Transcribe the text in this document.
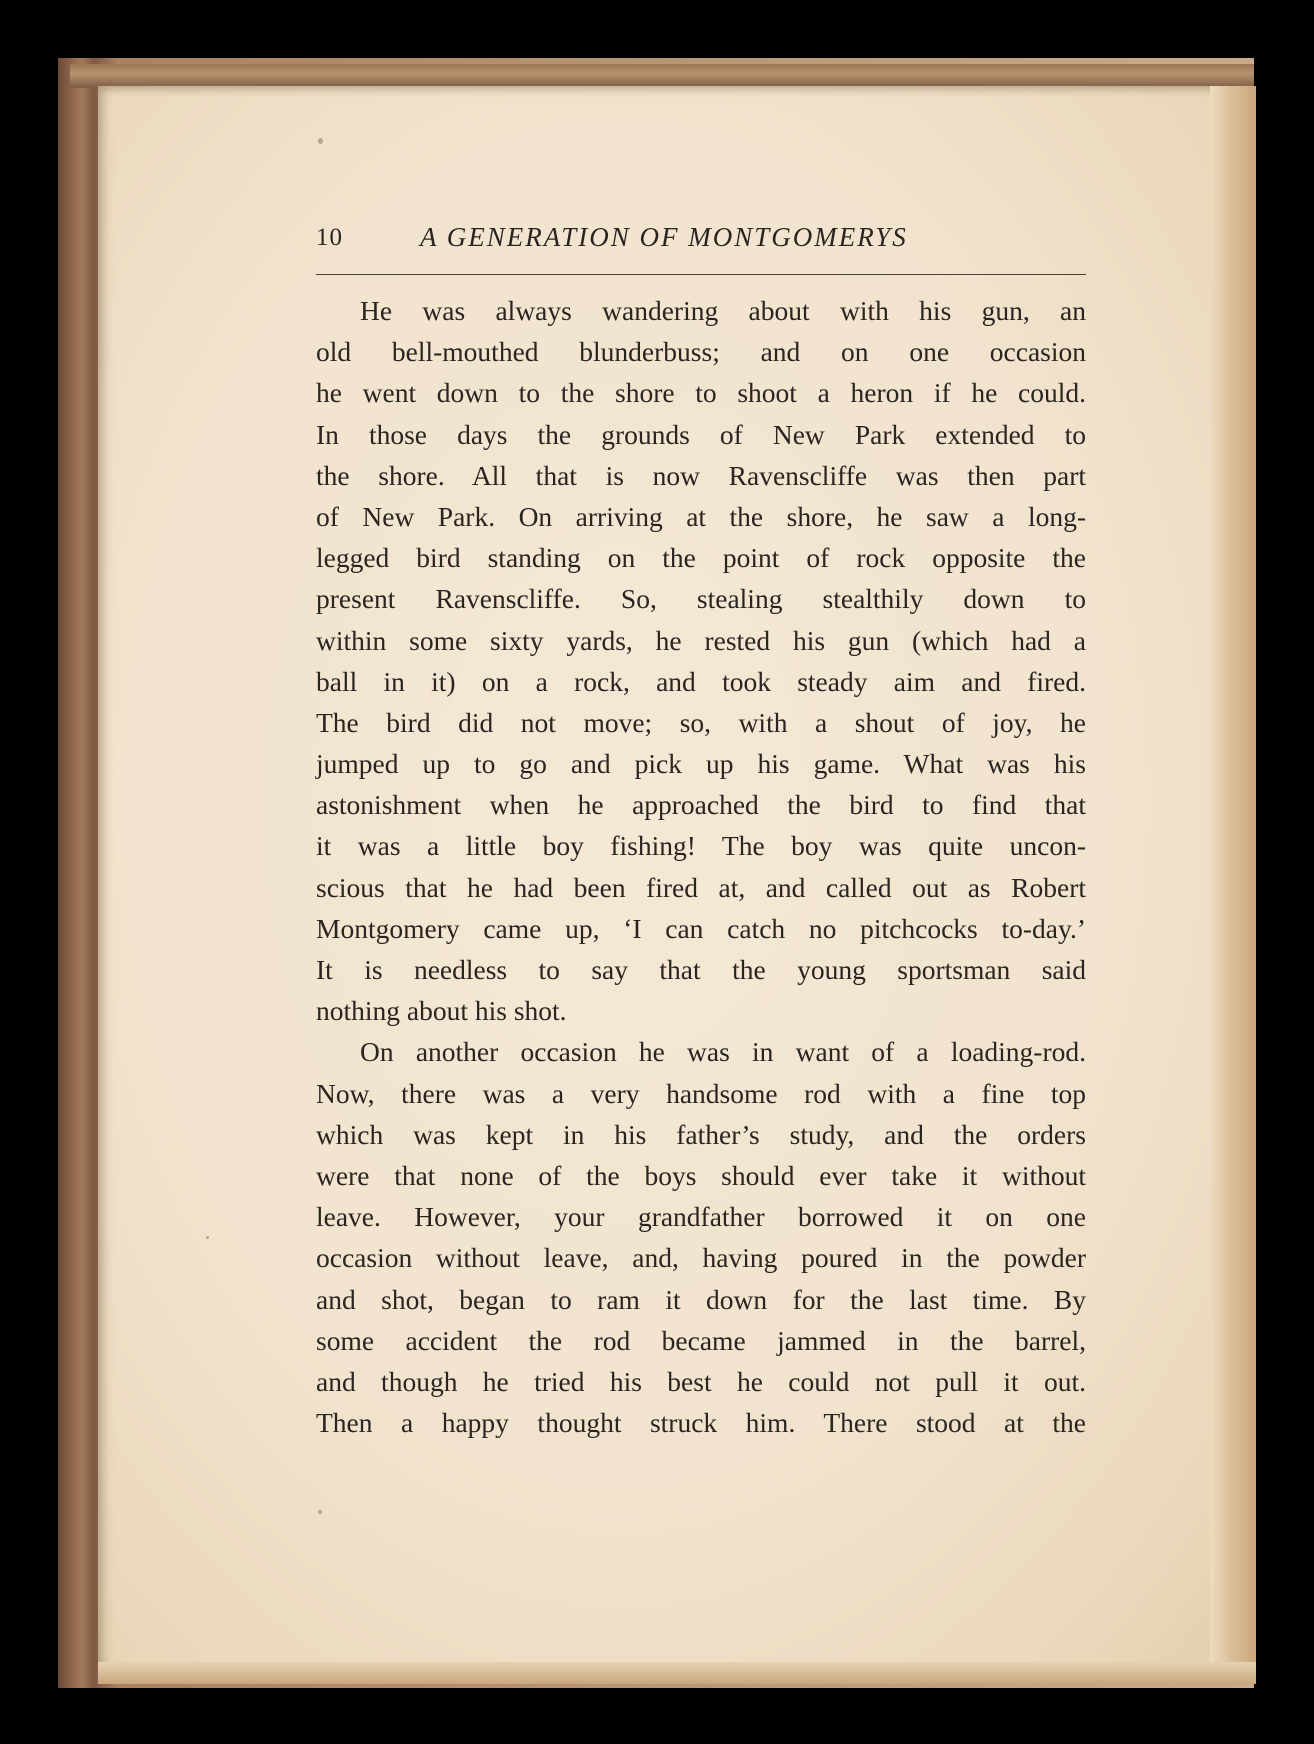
10	A GENERATION OF MONTGOMERYS
He was always wandering about with his gun, an
old bell-mouthed blunderbuss; and on one occasion
he went down to the shore to shoot a heron if he could.
In those days the grounds of New Park extended to
the shore. All that is now Ravenscliffe was then part
of New Park. On arriving at the shore, he saw a long-
legged bird standing on the point of rock opposite the
present Ravenscliffe. So, stealing stealthily down to
within some sixty yards, he rested his gun (which had a
ball in it) on a rock, and took steady aim and fired.
The bird did not move; so, with a shout of joy, he
jumped up to go and pick up his game. What was his
astonishment when he approached the bird to find that
it was a little boy fishing! The boy was quite uncon-
scious that he had been fired at, and called out as Robert
Montgomery came up, ‘I can catch no pitchcocks to-day.’
It is needless to say that the young sportsman said
nothing about his shot.
On another occasion he was in want of a loading-rod.
Now, there was a very handsome rod with a fine top
which was kept in his father’s study, and the orders
were that none of the boys should ever take it without
leave. However, your grandfather borrowed it on one
occasion without leave, and, having poured in the powder
and shot, began to ram it down for the last time. By
some accident the rod became jammed in the barrel,
and though he tried his best he could not pull it out.
Then a happy thought struck him. There stood at the
